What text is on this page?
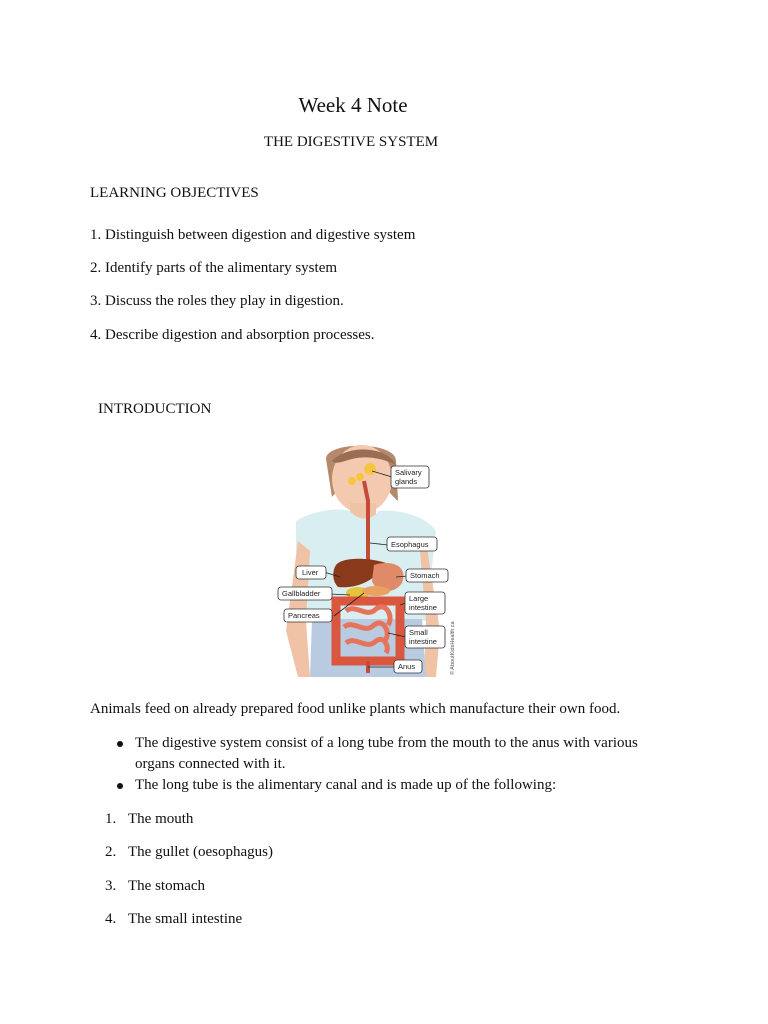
Week 4 Note
THE DIGESTIVE SYSTEM
LEARNING OBJECTIVES
1. Distinguish between digestion and digestive system
2. Identify parts of the alimentary system
3. Discuss the roles they play in digestion.
4. Describe digestion and absorption processes.
INTRODUCTION
Salivary
glands
Esophagus
Liver	Stomach
Gallbladder
Large
intestine
Pancreas
Small
intestine
Anus	© AboutKidsHealth.ca
Animals feed on already prepared food unlike plants which manufacture their own food.
The digestive system consist of a long tube from the mouth to the anus with various
organs connected with it.
The long tube is the alimentary canal and is made up of the following:
1. The mouth
2. The gullet (oesophagus)
3. The stomach
4. The small intestine
